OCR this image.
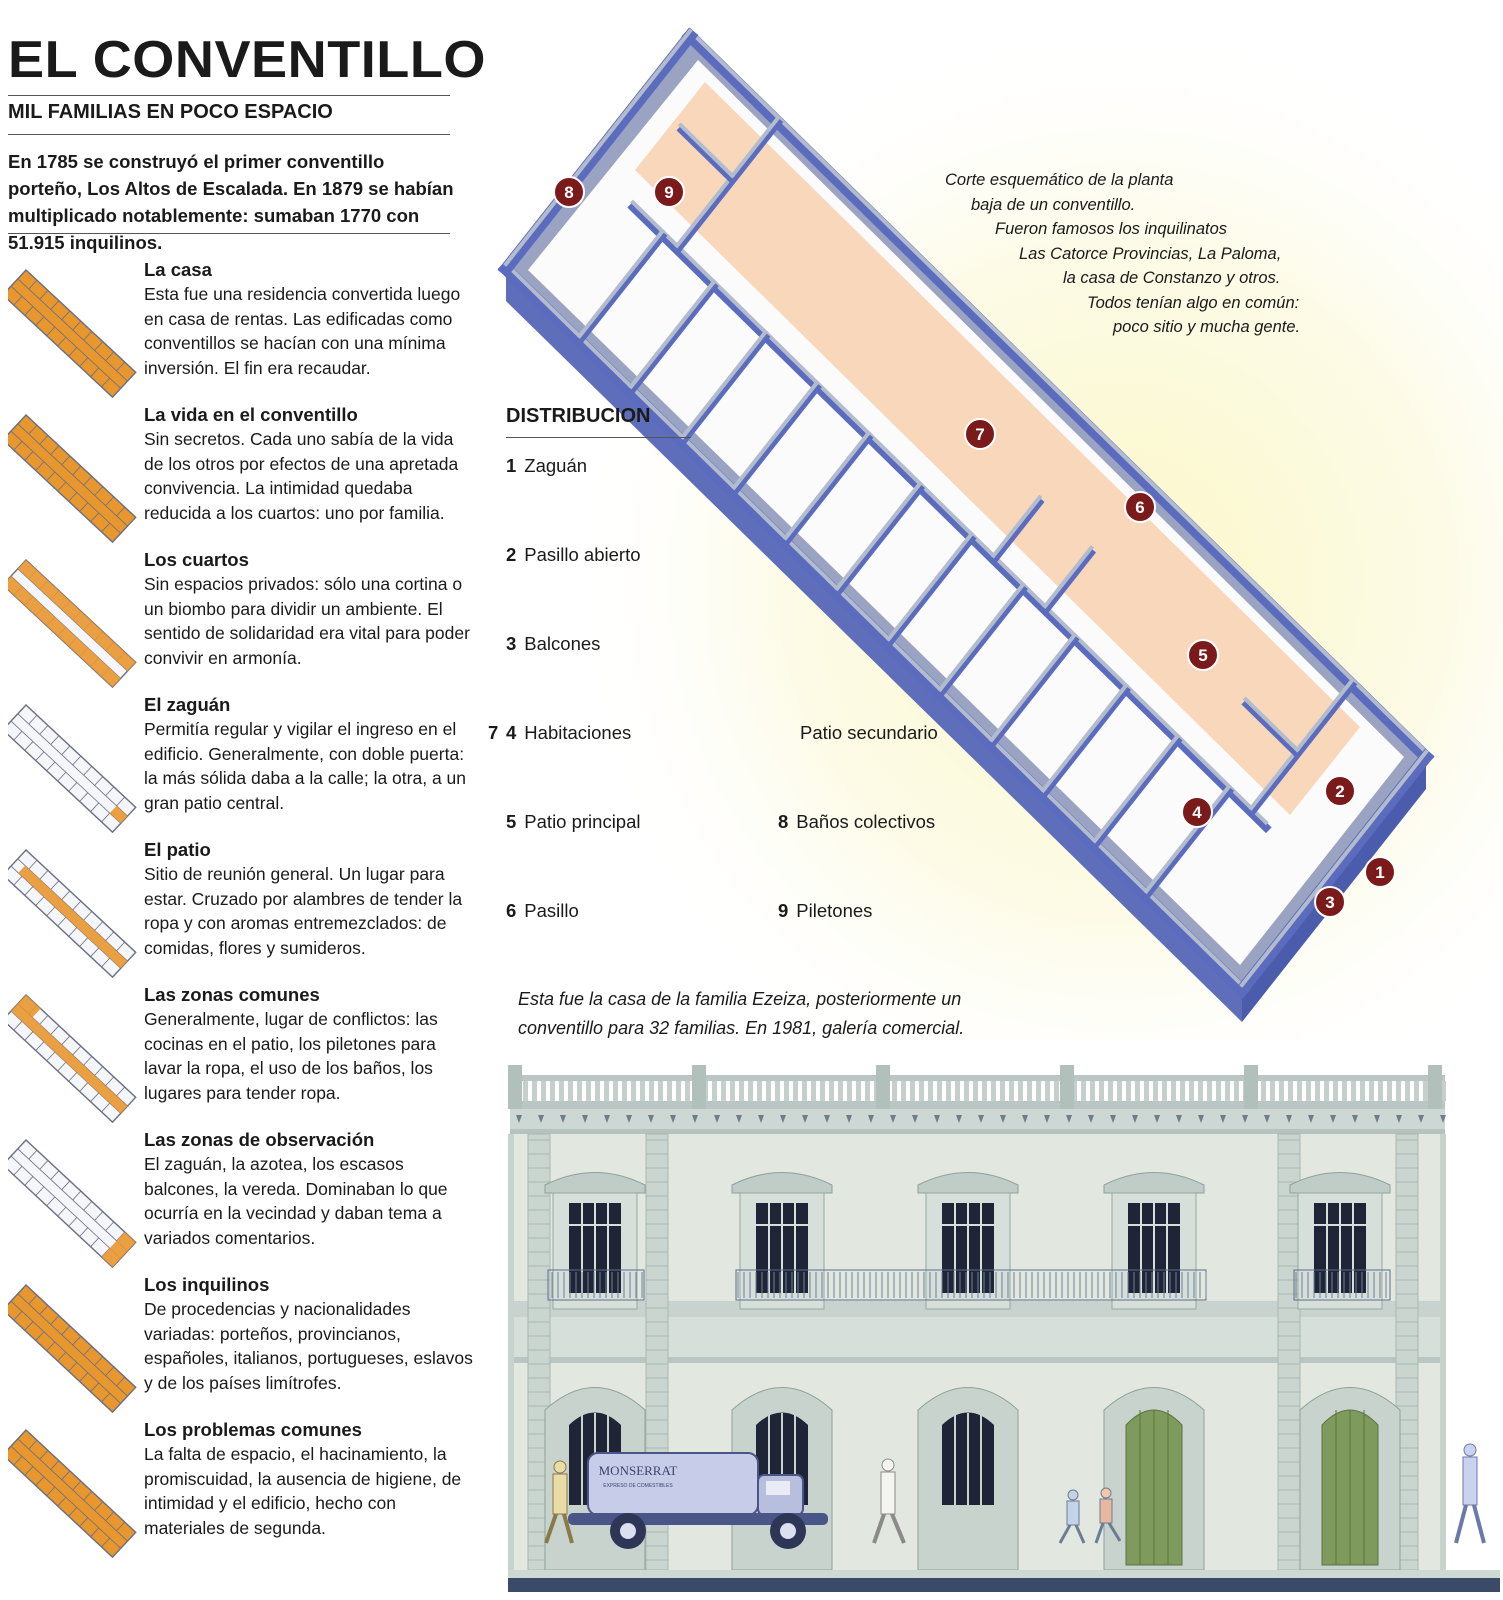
EL CONVENTILLO
MIL FAMILIAS EN POCO ESPACIO

En 1785 se construyó el primer conventillo porteño, Los Altos de Escalada. En 1879 se habían multiplicado notablemente: sumaban 1770 con 51.915 inquilinos.

La casa

Esta fue una residencia convertida luego en casa de rentas. Las edificadas como conventillos se hacían con una mínima inversión. El fin era recaudar.

La vida en el conventillo

Sin secretos. Cada uno sabía de la vida de los otros por efectos de una apretada convivencia. La intimidad quedaba reducida a los cuartos: uno por familia.

Los cuartos

Sin espacios privados: sólo una cortina o un biombo para dividir un ambiente. El sentido de solidaridad era vital para poder convivir en armonía.

El zaguán

Permitía regular y vigilar el ingreso en el edificio. Generalmente, con doble puerta: la más sólida daba a la calle; la otra, a un gran patio central.

El patio

Sitio de reunión general. Un lugar para estar. Cruzado por alambres de tender la ropa y con aromas entremezclados: de comidas, flores y sumideros.

Las zonas comunes

Generalmente, lugar de conflictos: las cocinas en el patio, los piletones para lavar la ropa, el uso de los baños, los lugares para tender ropa.

Las zonas de observación

El zaguán, la azotea, los escasos balcones, la vereda. Dominaban lo que ocurría en la vecindad y daban tema a variados comentarios.

Los inquilinos

De procedencias y nacionalidades variadas: porteños, provincianos, españoles, italianos, portugueses, eslavos y de los países limítrofes.

Los problemas comunes

La falta de espacio, el hacinamiento, la promiscuidad, la ausencia de higiene, de intimidad y el edificio, hecho con materiales de segunda.

1
2
3
4
5
6
7
8	9
Corte esquemático de la planta
baja de un conventillo.
Fueron famosos los inquilinatos
Las Catorce Provincias, La Paloma,
la casa de Constanzo y otros.
Todos tenían algo en común:
poco sitio y mucha gente.
DISTRIBUCION
1 Zaguán
2 Pasillo abierto
3 Balcones
4 Habitaciones
5 Patio principal
6 Pasillo
Patio secundario
7
8 Baños colectivos
9 Piletones

Esta fue la casa de la familia Ezeiza, posteriormente un conventillo para 32 familias. En 1981, galería comercial.

MONSERRAT
EXPRESO DE COMESTIBLES
